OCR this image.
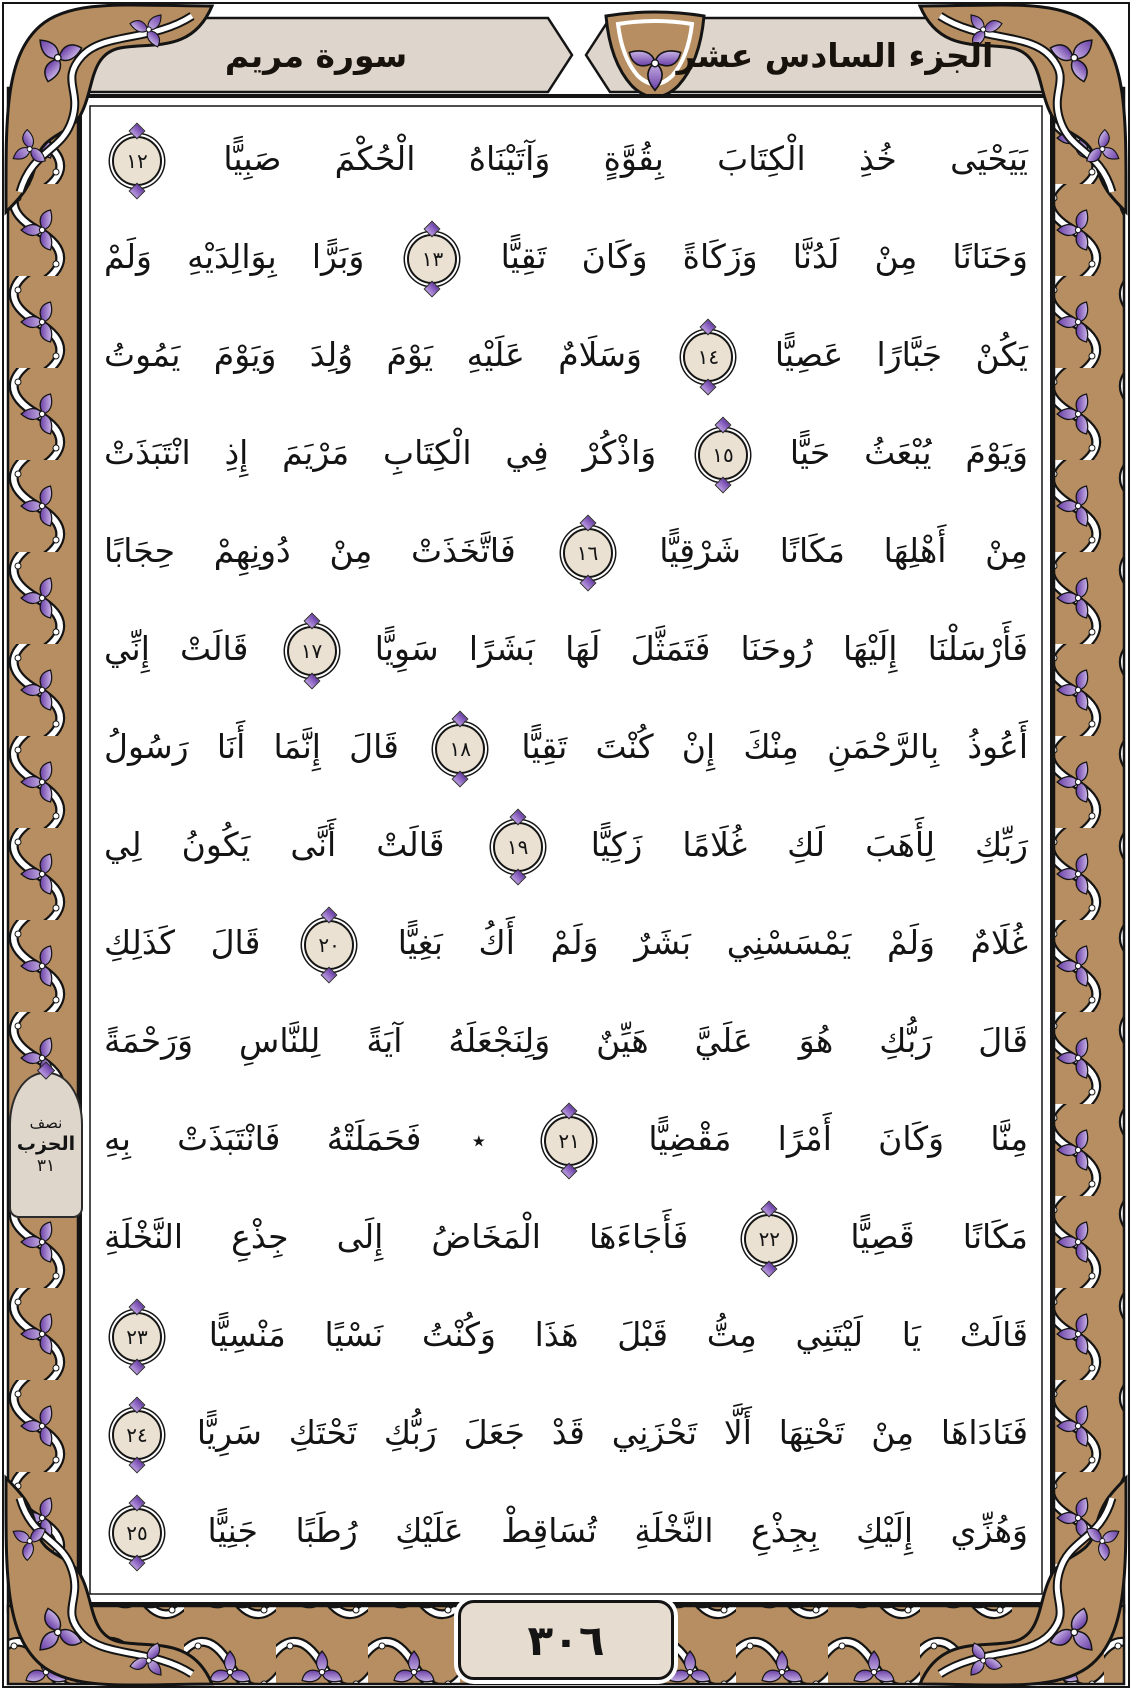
الجزء السادس عشر
سورة مريم
يَيَحْيَى خُذِ الْكِتَابَ بِقُوَّةٍ وَآتَيْنَاهُ الْحُكْمَ صَبِيًّا
١٢
وَحَنَانًا مِنْ لَدُنَّا وَزَكَاةً وَكَانَ تَقِيًّا
١٣
وَبَرًّا بِوَالِدَيْهِ وَلَمْ
يَكُنْ جَبَّارًا عَصِيًّا
١٤
وَسَلَامٌ عَلَيْهِ يَوْمَ وُلِدَ وَيَوْمَ يَمُوتُ
وَيَوْمَ يُبْعَثُ حَيًّا
١٥
وَاذْكُرْ فِي الْكِتَابِ مَرْيَمَ إِذِ انْتَبَذَتْ
مِنْ أَهْلِهَا مَكَانًا شَرْقِيًّا
١٦
فَاتَّخَذَتْ مِنْ دُونِهِمْ حِجَابًا
فَأَرْسَلْنَا إِلَيْهَا رُوحَنَا فَتَمَثَّلَ لَهَا بَشَرًا سَوِيًّا
١٧
قَالَتْ إِنِّي
أَعُوذُ بِالرَّحْمَنِ مِنْكَ إِنْ كُنْتَ تَقِيًّا
١٨
قَالَ إِنَّمَا أَنَا رَسُولُ
رَبِّكِ لِأَهَبَ لَكِ غُلَامًا زَكِيًّا
١٩
قَالَتْ أَنَّى يَكُونُ لِي
غُلَامٌ وَلَمْ يَمْسَسْنِي بَشَرٌ وَلَمْ أَكُ بَغِيًّا
٢٠
قَالَ كَذَلِكِ
قَالَ رَبُّكِ هُوَ عَلَيَّ هَيِّنٌ وَلِنَجْعَلَهُ آيَةً لِلنَّاسِ وَرَحْمَةً
مِنَّا وَكَانَ أَمْرًا مَقْضِيًّا
٢١
٭ فَحَمَلَتْهُ فَانْتَبَذَتْ بِهِ
مَكَانًا قَصِيًّا
٢٢
فَأَجَاءَهَا الْمَخَاضُ إِلَى جِذْعِ النَّخْلَةِ
قَالَتْ يَا لَيْتَنِي مِتُّ قَبْلَ هَذَا وَكُنْتُ نَسْيًا مَنْسِيًّا
٢٣
فَنَادَاهَا مِنْ تَحْتِهَا أَلَّا تَحْزَنِي قَدْ جَعَلَ رَبُّكِ تَحْتَكِ سَرِيًّا
٢٤
وَهُزِّي إِلَيْكِ بِجِذْعِ النَّخْلَةِ تُسَاقِطْ عَلَيْكِ رُطَبًا جَنِيًّا
٢٥
نصف
الحزب
٣١
٣٠٦
